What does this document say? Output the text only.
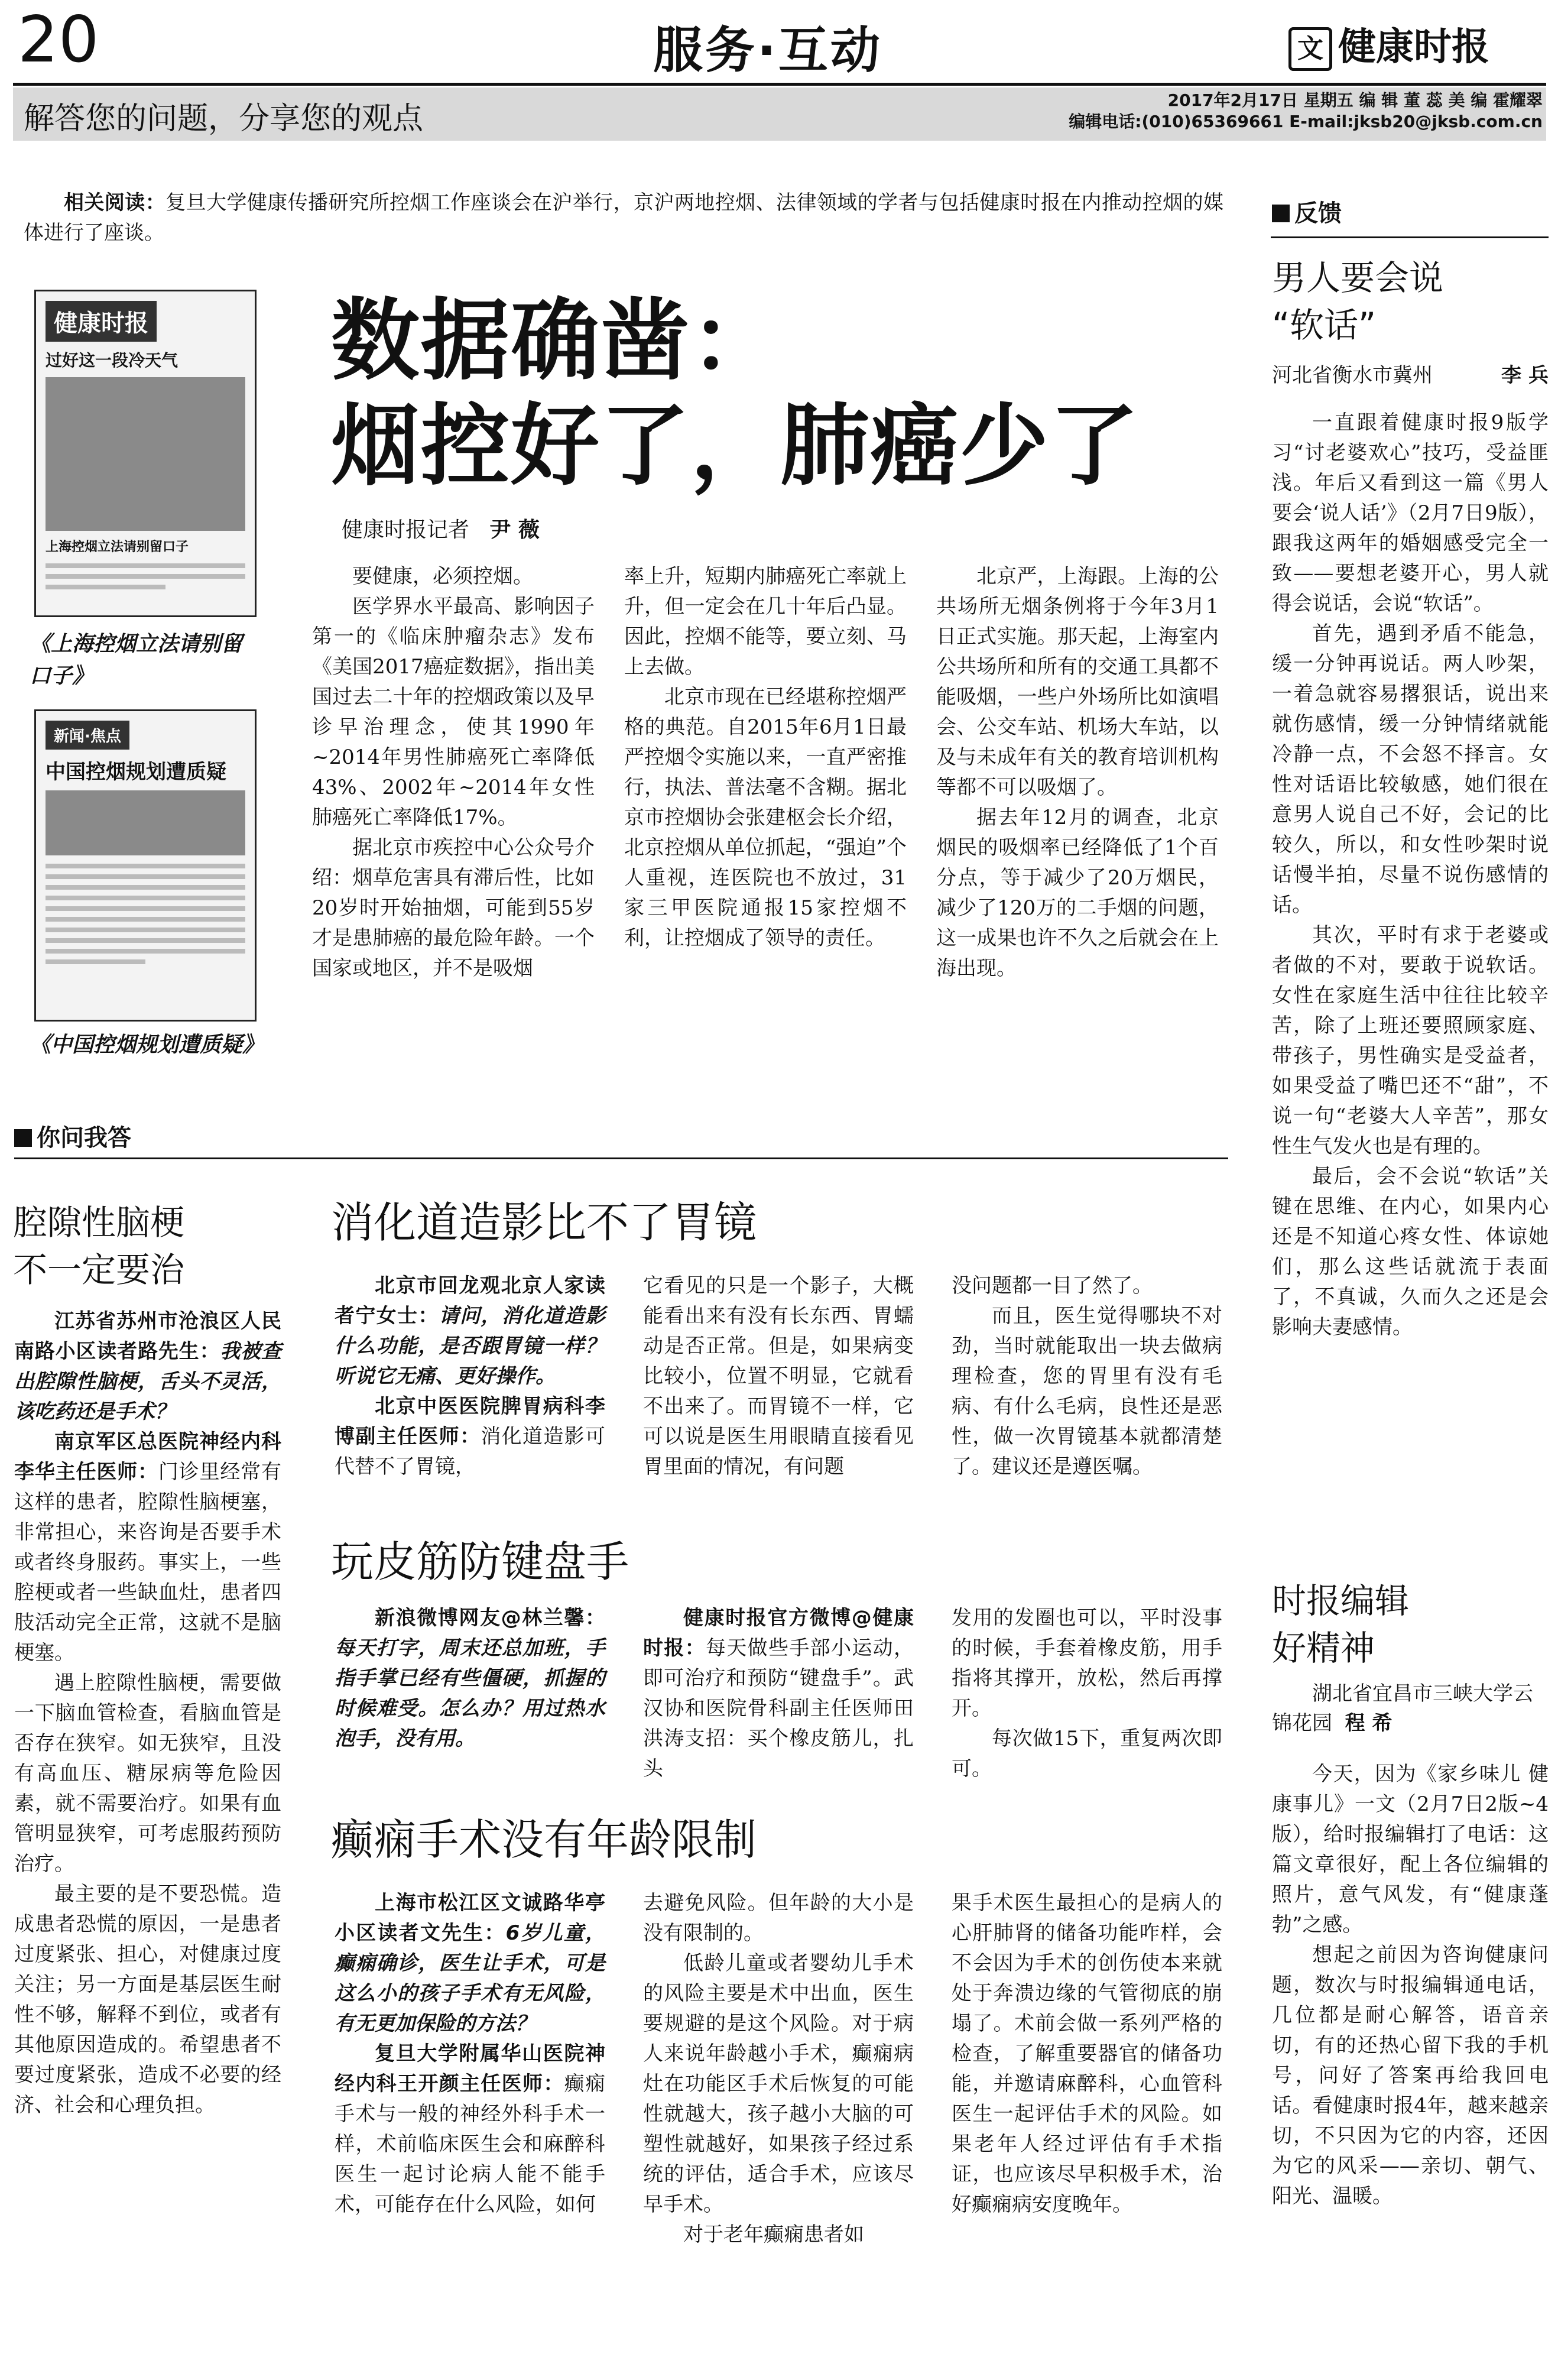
20	服务·互动	文 健康时报
解答您的问题，分享您的观点
2017年2月17日 星期五 编 辑 董 蕊 美 编 霍耀翠
编辑电话:(010)65369661 E-mail:jksb20@jksb.com.cn

相关阅读：复旦大学健康传播研究所控烟工作座谈会在沪举行，京沪两地控烟、法律领域的学者与包括健康时报在内推动控烟的媒体进行了座谈。

健康时报
过好这一段冷天气
上海控烟立法请别留口子
《上海控烟立法请别留口子》
新闻·焦点
中国控烟规划遭质疑
《中国控烟规划遭质疑》
数据确凿：
烟控好了，肺癌少了
健康时报记者 尹 薇

要健康，必须控烟。

医学界水平最高、影响因子第一的《临床肿瘤杂志》发布《美国2017癌症数据》，指出美国过去二十年的控烟政策以及早诊早治理念，使其1990年~2014年男性肺癌死亡率降低43%、2002年~2014年女性肺癌死亡率降低17%。

据北京市疾控中心公众号介绍：烟草危害具有滞后性，比如20岁时开始抽烟，可能到55岁才是患肺癌的最危险年龄。一个国家或地区，并不是吸烟

率上升，短期内肺癌死亡率就上升，但一定会在几十年后凸显。因此，控烟不能等，要立刻、马上去做。

北京市现在已经堪称控烟严格的典范。自2015年6月1日最严控烟令实施以来，一直严密推行，执法、普法毫不含糊。据北京市控烟协会张建枢会长介绍，北京控烟从单位抓起，“强迫”个人重视，连医院也不放过，31家三甲医院通报15家控烟不利，让控烟成了领导的责任。

北京严，上海跟。上海的公共场所无烟条例将于今年3月1日正式实施。那天起，上海室内公共场所和所有的交通工具都不能吸烟，一些户外场所比如演唱会、公交车站、机场大车站，以及与未成年有关的教育培训机构等都不可以吸烟了。

据去年12月的调查，北京烟民的吸烟率已经降低了1个百分点，等于减少了20万烟民，减少了120万的二手烟的问题，这一成果也许不久之后就会在上海出现。

你问我答
腔隙性脑梗
不一定要治

江苏省苏州市沧浪区人民南路小区读者路先生：我被查出腔隙性脑梗，舌头不灵活，该吃药还是手术？

南京军区总医院神经内科李华主任医师：门诊里经常有这样的患者，腔隙性脑梗塞，非常担心，来咨询是否要手术或者终身服药。事实上，一些腔梗或者一些缺血灶，患者四肢活动完全正常，这就不是脑梗塞。

遇上腔隙性脑梗，需要做一下脑血管检查，看脑血管是否存在狭窄。如无狭窄，且没有高血压、糖尿病等危险因素，就不需要治疗。如果有血管明显狭窄，可考虑服药预防治疗。

最主要的是不要恐慌。造成患者恐慌的原因，一是患者过度紧张、担心，对健康过度关注；另一方面是基层医生耐性不够，解释不到位，或者有其他原因造成的。希望患者不要过度紧张，造成不必要的经济、社会和心理负担。

消化道造影比不了胃镜

北京市回龙观北京人家读者宁女士：请问，消化道造影什么功能，是否跟胃镜一样？听说它无痛、更好操作。

北京中医医院脾胃病科李博副主任医师：消化道造影可代替不了胃镜，

它看见的只是一个影子，大概能看出来有没有长东西、胃蠕动是否正常。但是，如果病变比较小，位置不明显，它就看不出来了。而胃镜不一样，它可以说是医生用眼睛直接看见胃里面的情况，有问题

没问题都一目了然了。

而且，医生觉得哪块不对劲，当时就能取出一块去做病理检查，您的胃里有没有毛病、有什么毛病，良性还是恶性，做一次胃镜基本就都清楚了。建议还是遵医嘱。

玩皮筋防键盘手

新浪微博网友@林兰馨：每天打字，周末还总加班，手指手掌已经有些僵硬，抓握的时候难受。怎么办？用过热水泡手，没有用。

健康时报官方微博@健康时报：每天做些手部小运动，即可治疗和预防“键盘手”。武汉协和医院骨科副主任医师田洪涛支招：买个橡皮筋儿，扎头

发用的发圈也可以，平时没事的时候，手套着橡皮筋，用手指将其撑开，放松，然后再撑开。

每次做15下，重复两次即可。

癫痫手术没有年龄限制

上海市松江区文诚路华亭小区读者文先生：6岁儿童，癫痫确诊，医生让手术，可是这么小的孩子手术有无风险，有无更加保险的方法？

复旦大学附属华山医院神经内科王开颜主任医师：癫痫手术与一般的神经外科手术一样，术前临床医生会和麻醉科医生一起讨论病人能不能手术，可能存在什么风险，如何

去避免风险。但年龄的大小是没有限制的。

低龄儿童或者婴幼儿手术的风险主要是术中出血，医生要规避的是这个风险。对于病人来说年龄越小手术，癫痫病灶在功能区手术后恢复的可能性就越大，孩子越小大脑的可塑性就越好，如果孩子经过系统的评估，适合手术，应该尽早手术。

对于老年癫痫患者如

果手术医生最担心的是病人的心肝肺肾的储备功能咋样，会不会因为手术的创伤使本来就处于奔溃边缘的气管彻底的崩塌了。术前会做一系列严格的检查，了解重要器官的储备功能，并邀请麻醉科，心血管科医生一起评估手术的风险。如果老年人经过评估有手术指证，也应该尽早积极手术，治好癫痫病安度晚年。

反馈
男人要会说
“软话”
河北省衡水市冀州	李 兵

一直跟着健康时报9版学习“讨老婆欢心”技巧，受益匪浅。年后又看到这一篇《男人要会‘说人话’》（2月7日9版），跟我这两年的婚姻感受完全一致——要想老婆开心，男人就得会说话，会说“软话”。

首先，遇到矛盾不能急，缓一分钟再说话。两人吵架，一着急就容易撂狠话，说出来就伤感情，缓一分钟情绪就能冷静一点，不会怒不择言。女性对话语比较敏感，她们很在意男人说自己不好，会记的比较久，所以，和女性吵架时说话慢半拍，尽量不说伤感情的话。

其次，平时有求于老婆或者做的不对，要敢于说软话。女性在家庭生活中往往比较辛苦，除了上班还要照顾家庭、带孩子，男性确实是受益者，如果受益了嘴巴还不“甜”，不说一句“老婆大人辛苦”，那女性生气发火也是有理的。

最后，会不会说“软话”关键在思维、在内心，如果内心还是不知道心疼女性、体谅她们，那么这些话就流于表面了，不真诚，久而久之还是会影响夫妻感情。

时报编辑
好精神
湖北省宜昌市三峡大学云锦花园 程 希

今天，因为《家乡味儿 健康事儿》一文（2月7日2版~4版），给时报编辑打了电话：这篇文章很好，配上各位编辑的照片，意气风发，有“健康蓬勃”之感。

想起之前因为咨询健康问题，数次与时报编辑通电话，几位都是耐心解答，语音亲切，有的还热心留下我的手机号，问好了答案再给我回电话。看健康时报4年，越来越亲切，不只因为它的内容，还因为它的风采——亲切、朝气、阳光、温暖。
